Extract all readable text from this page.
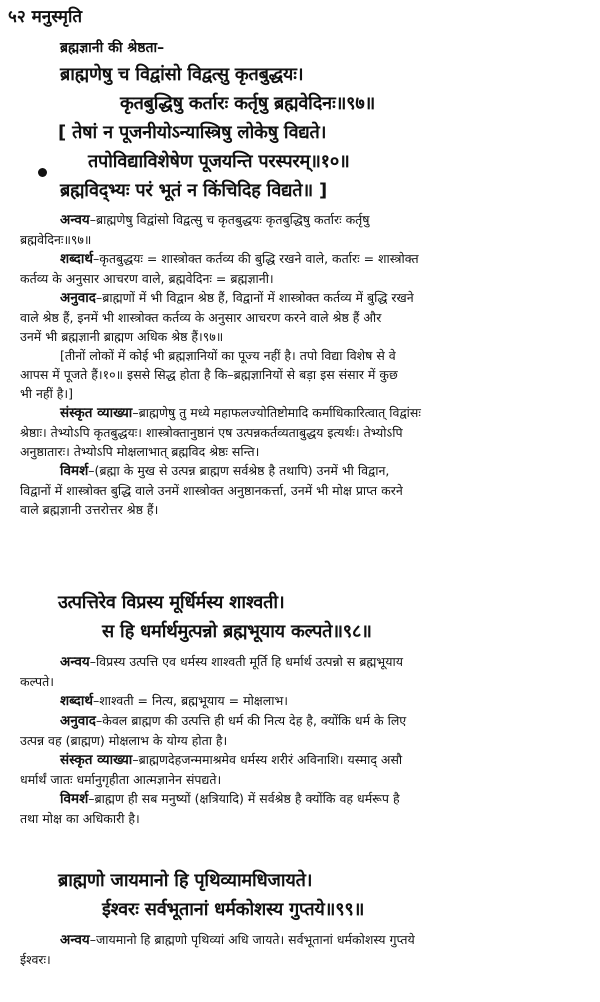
५२ मनुस्मृति
ब्रह्मज्ञानी की श्रेष्ठता–
ब्राह्मणेषु च विद्वांसो विद्वत्सु कृतबुद्धयः।
कृतबुद्धिषु कर्तारः कर्तृषु ब्रह्मवेदिनः॥९७॥
[ तेषां न पूजनीयोऽन्यास्त्रिषु लोकेषु विद्यते।
तपोविद्याविशेषेण पूजयन्ति परस्परम्॥१०॥
ब्रह्मविद्भ्यः परं भूतं न किंचिदिह विद्यते॥ ]

अन्वय–ब्राह्मणेषु विद्वांसो विद्वत्सु च कृतबुद्धयः कृतबुद्धिषु कर्तारः कर्तृषु
ब्रह्मवेदिनः॥९७॥

शब्दार्थ–कृतबुद्धयः = शास्त्रोक्त कर्तव्य की बुद्धि रखने वाले, कर्तारः = शास्त्रोक्त
कर्तव्य के अनुसार आचरण वाले, ब्रह्मवेदिनः = ब्रह्मज्ञानी।

अनुवाद–ब्राह्मणों में भी विद्वान श्रेष्ठ हैं, विद्वानों में शास्त्रोक्त कर्तव्य में बुद्धि रखने
वाले श्रेष्ठ हैं, इनमें भी शास्त्रोक्त कर्तव्य के अनुसार आचरण करने वाले श्रेष्ठ हैं और
उनमें भी ब्रह्मज्ञानी ब्राह्मण अधिक श्रेष्ठ हैं।९७॥

[तीनों लोकों में कोई भी ब्रह्मज्ञानियों का पूज्य नहीं है। तपो विद्या विशेष से वे
आपस में पूजते हैं।१०॥ इससे सिद्ध होता है कि–ब्रह्मज्ञानियों से बड़ा इस संसार में कुछ
भी नहीं है।]

संस्कृत व्याख्या–ब्राह्मणेषु तु मध्ये महाफलज्योतिष्टोमादि कर्माधिकारित्वात् विद्वांसः
श्रेष्ठाः। तेभ्योऽपि कृतबुद्धयः। शास्त्रोक्तानुष्ठानं एष उत्पन्नकर्तव्यताबुद्धय इत्यर्थः। तेभ्योऽपि
अनुष्ठातारः। तेभ्योऽपि मोक्षलाभात् ब्रह्मविद श्रेष्ठः सन्ति।

विमर्श–(ब्रह्मा के मुख से उत्पन्न ब्राह्मण सर्वश्रेष्ठ है तथापि) उनमें भी विद्वान,
विद्वानों में शास्त्रोक्त बुद्धि वाले उनमें शास्त्रोक्त अनुष्ठानकर्त्ता, उनमें भी मोक्ष प्राप्त करने
वाले ब्रह्मज्ञानी उत्तरोत्तर श्रेष्ठ हैं।

उत्पत्तिरेव विप्रस्य मूर्धिर्मस्य शाश्वती।
स हि धर्मार्थमुत्पन्नो ब्रह्मभूयाय कल्पते॥९८॥

अन्वय–विप्रस्य उत्पत्ति एव धर्मस्य शाश्वती मूर्ति हि धर्मार्थ उत्पन्नो स ब्रह्मभूयाय
कल्पते।

शब्दार्थ–शाश्वती = नित्य, ब्रह्मभूयाय = मोक्षलाभ।

अनुवाद–केवल ब्राह्मण की उत्पत्ति ही धर्म की नित्य देह है, क्योंकि धर्म के लिए
उत्पन्न वह (ब्राह्मण) मोक्षलाभ के योग्य होता है।

संस्कृत व्याख्या–ब्राह्मणदेहजन्ममाश्रमेव धर्मस्य शरीरं अविनाशि। यस्माद् असौ
धर्मार्थं जातः धर्मानुगृहीता आत्मज्ञानेन संपद्यते।

विमर्श–ब्राह्मण ही सब मनुष्यों (क्षत्रियादि) में सर्वश्रेष्ठ है क्योंकि वह धर्मरूप है
तथा मोक्ष का अधिकारी है।

ब्राह्मणो जायमानो हि पृथिव्यामधिजायते।
ईश्वरः सर्वभूतानां धर्मकोशस्य गुप्तये॥९९॥

अन्वय–जायमानो हि ब्राह्मणो पृथिव्यां अधि जायते। सर्वभूतानां धर्मकोशस्य गुप्तये
ईश्वरः।
